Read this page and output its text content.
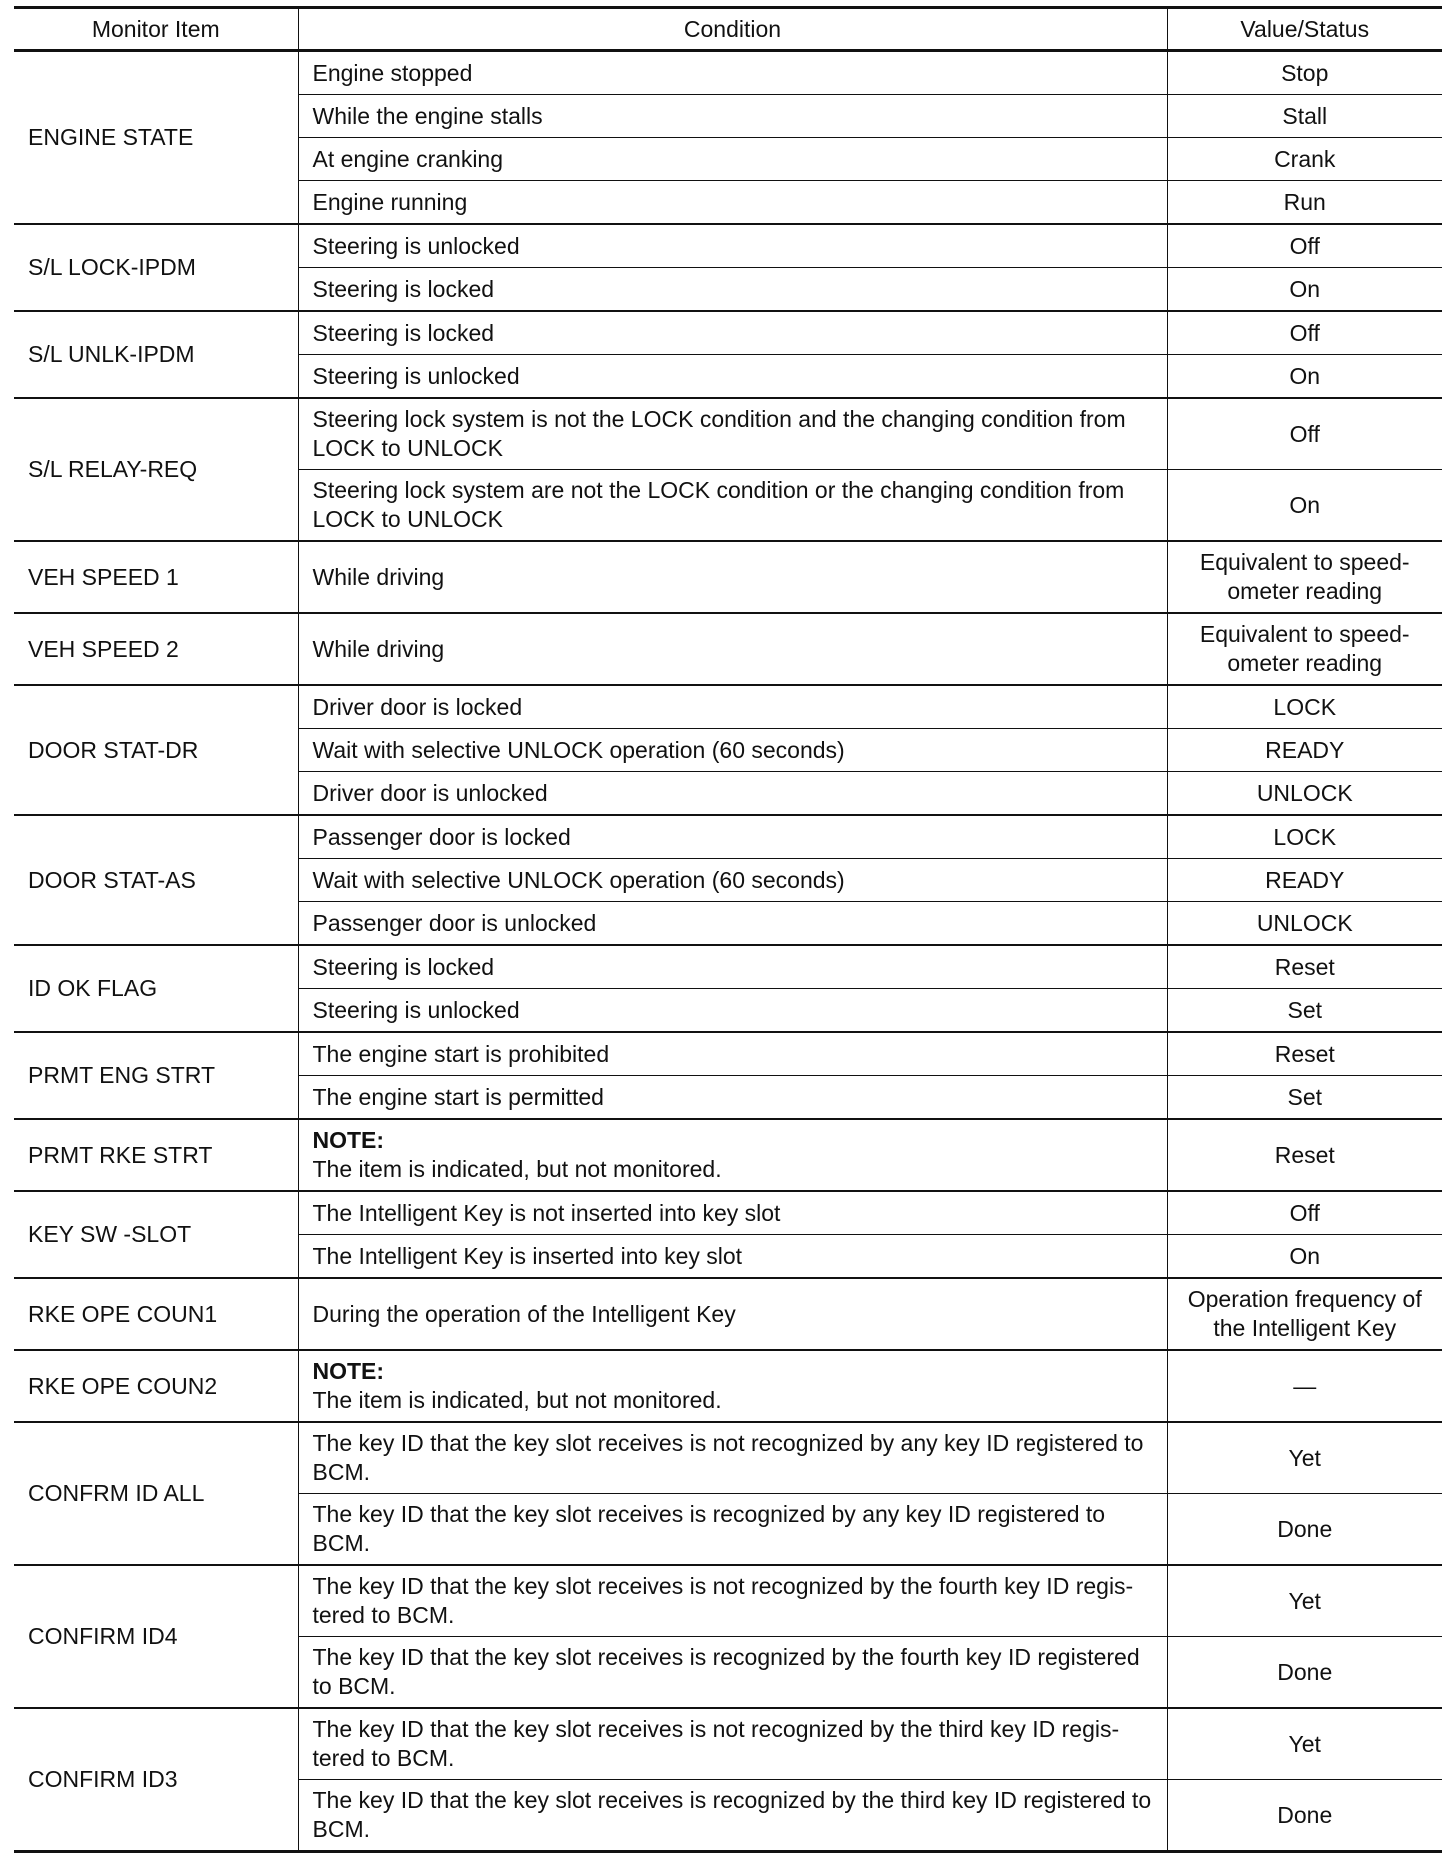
Monitor Item	Condition	Value/Status
ENGINE STATE	Engine stopped	Stop
	While the engine stalls	Stall
	At engine cranking	Crank
	Engine running	Run
S/L LOCK-IPDM	Steering is unlocked	Off
	Steering is locked	On
S/L UNLK-IPDM	Steering is locked	Off
	Steering is unlocked	On
S/L RELAY-REQ	Steering lock system is not the LOCK condition and the changing condition from LOCK to UNLOCK	Off
	Steering lock system are not the LOCK condition or the changing condition from LOCK to UNLOCK	On
VEH SPEED 1	While driving	Equivalent to speed-
ometer reading
VEH SPEED 2	While driving	Equivalent to speed-
ometer reading
DOOR STAT-DR	Driver door is locked	LOCK
	Wait with selective UNLOCK operation (60 seconds)	READY
	Driver door is unlocked	UNLOCK
DOOR STAT-AS	Passenger door is locked	LOCK
	Wait with selective UNLOCK operation (60 seconds)	READY
	Passenger door is unlocked	UNLOCK
ID OK FLAG	Steering is locked	Reset
	Steering is unlocked	Set
PRMT ENG STRT	The engine start is prohibited	Reset
	The engine start is permitted	Set
PRMT RKE STRT	NOTE:
The item is indicated, but not monitored.	Reset
KEY SW -SLOT	The Intelligent Key is not inserted into key slot	Off
	The Intelligent Key is inserted into key slot	On
RKE OPE COUN1	During the operation of the Intelligent Key	Operation frequency of
the Intelligent Key
RKE OPE COUN2	NOTE:
The item is indicated, but not monitored.	—
CONFRM ID ALL	The key ID that the key slot receives is not recognized by any key ID registered to BCM.	Yet
	The key ID that the key slot receives is recognized by any key ID registered to BCM.	Done
CONFIRM ID4	The key ID that the key slot receives is not recognized by the fourth key ID regis-
tered to BCM.	Yet
	The key ID that the key slot receives is recognized by the fourth key ID registered to BCM.	Done
CONFIRM ID3	The key ID that the key slot receives is not recognized by the third key ID regis-
tered to BCM.	Yet
	The key ID that the key slot receives is recognized by the third key ID registered to BCM.	Done
